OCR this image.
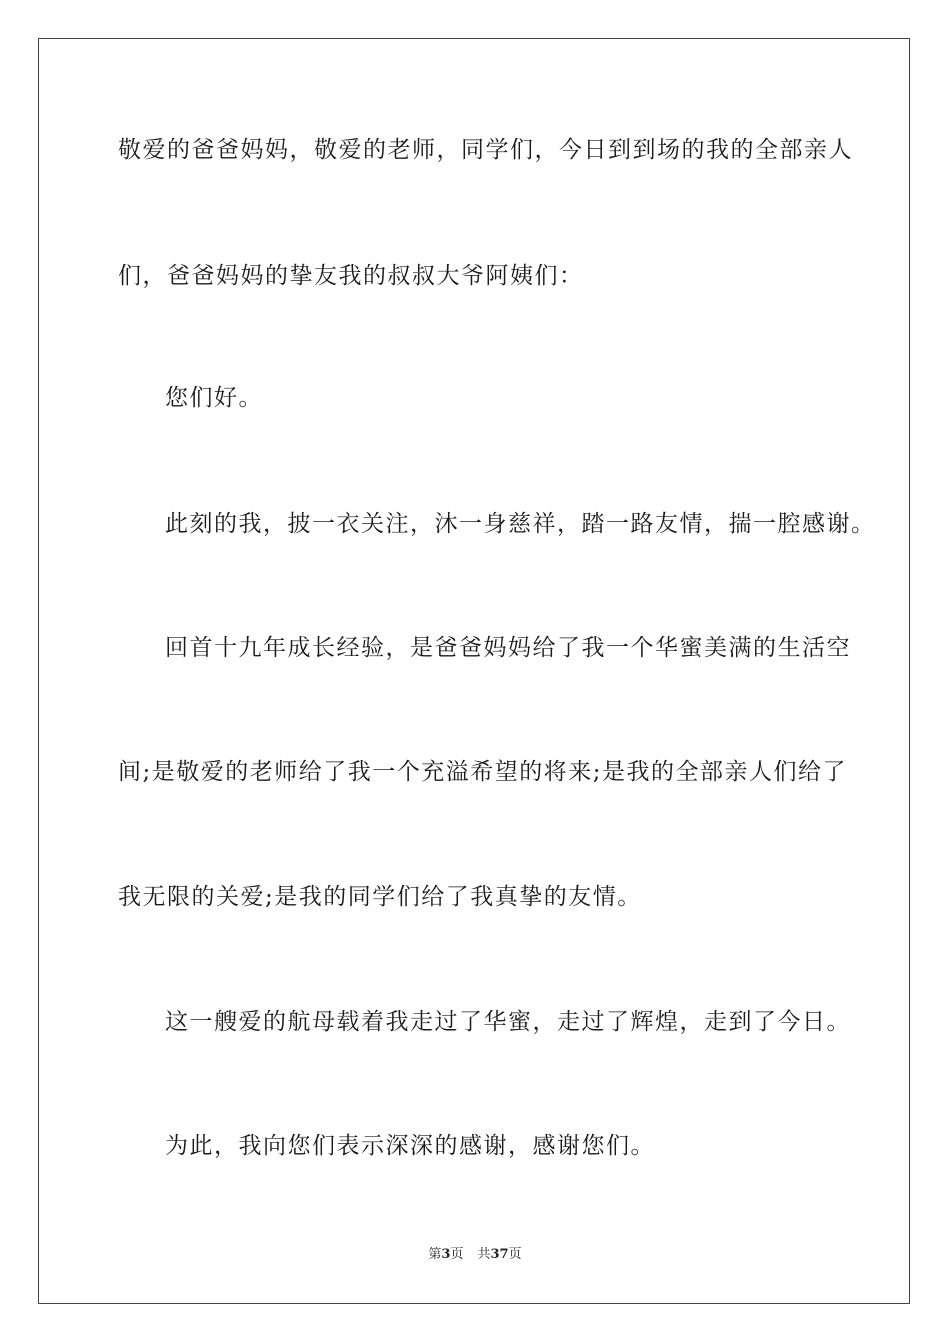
敬爱的爸爸妈妈，敬爱的老师，同学们，今日到到场的我的全部亲人
们，爸爸妈妈的挚友我的叔叔大爷阿姨们：
您们好。
此刻的我，披一衣关注，沐一身慈祥，踏一路友情，揣一腔感谢。
回首十九年成长经验，是爸爸妈妈给了我一个华蜜美满的生活空
间;是敬爱的老师给了我一个充溢希望的将来;是我的全部亲人们给了
我无限的关爱;是我的同学们给了我真挚的友情。
这一艘爱的航母载着我走过了华蜜，走过了辉煌，走到了今日。
为此，我向您们表示深深的感谢，感谢您们。
第3页 共37页
